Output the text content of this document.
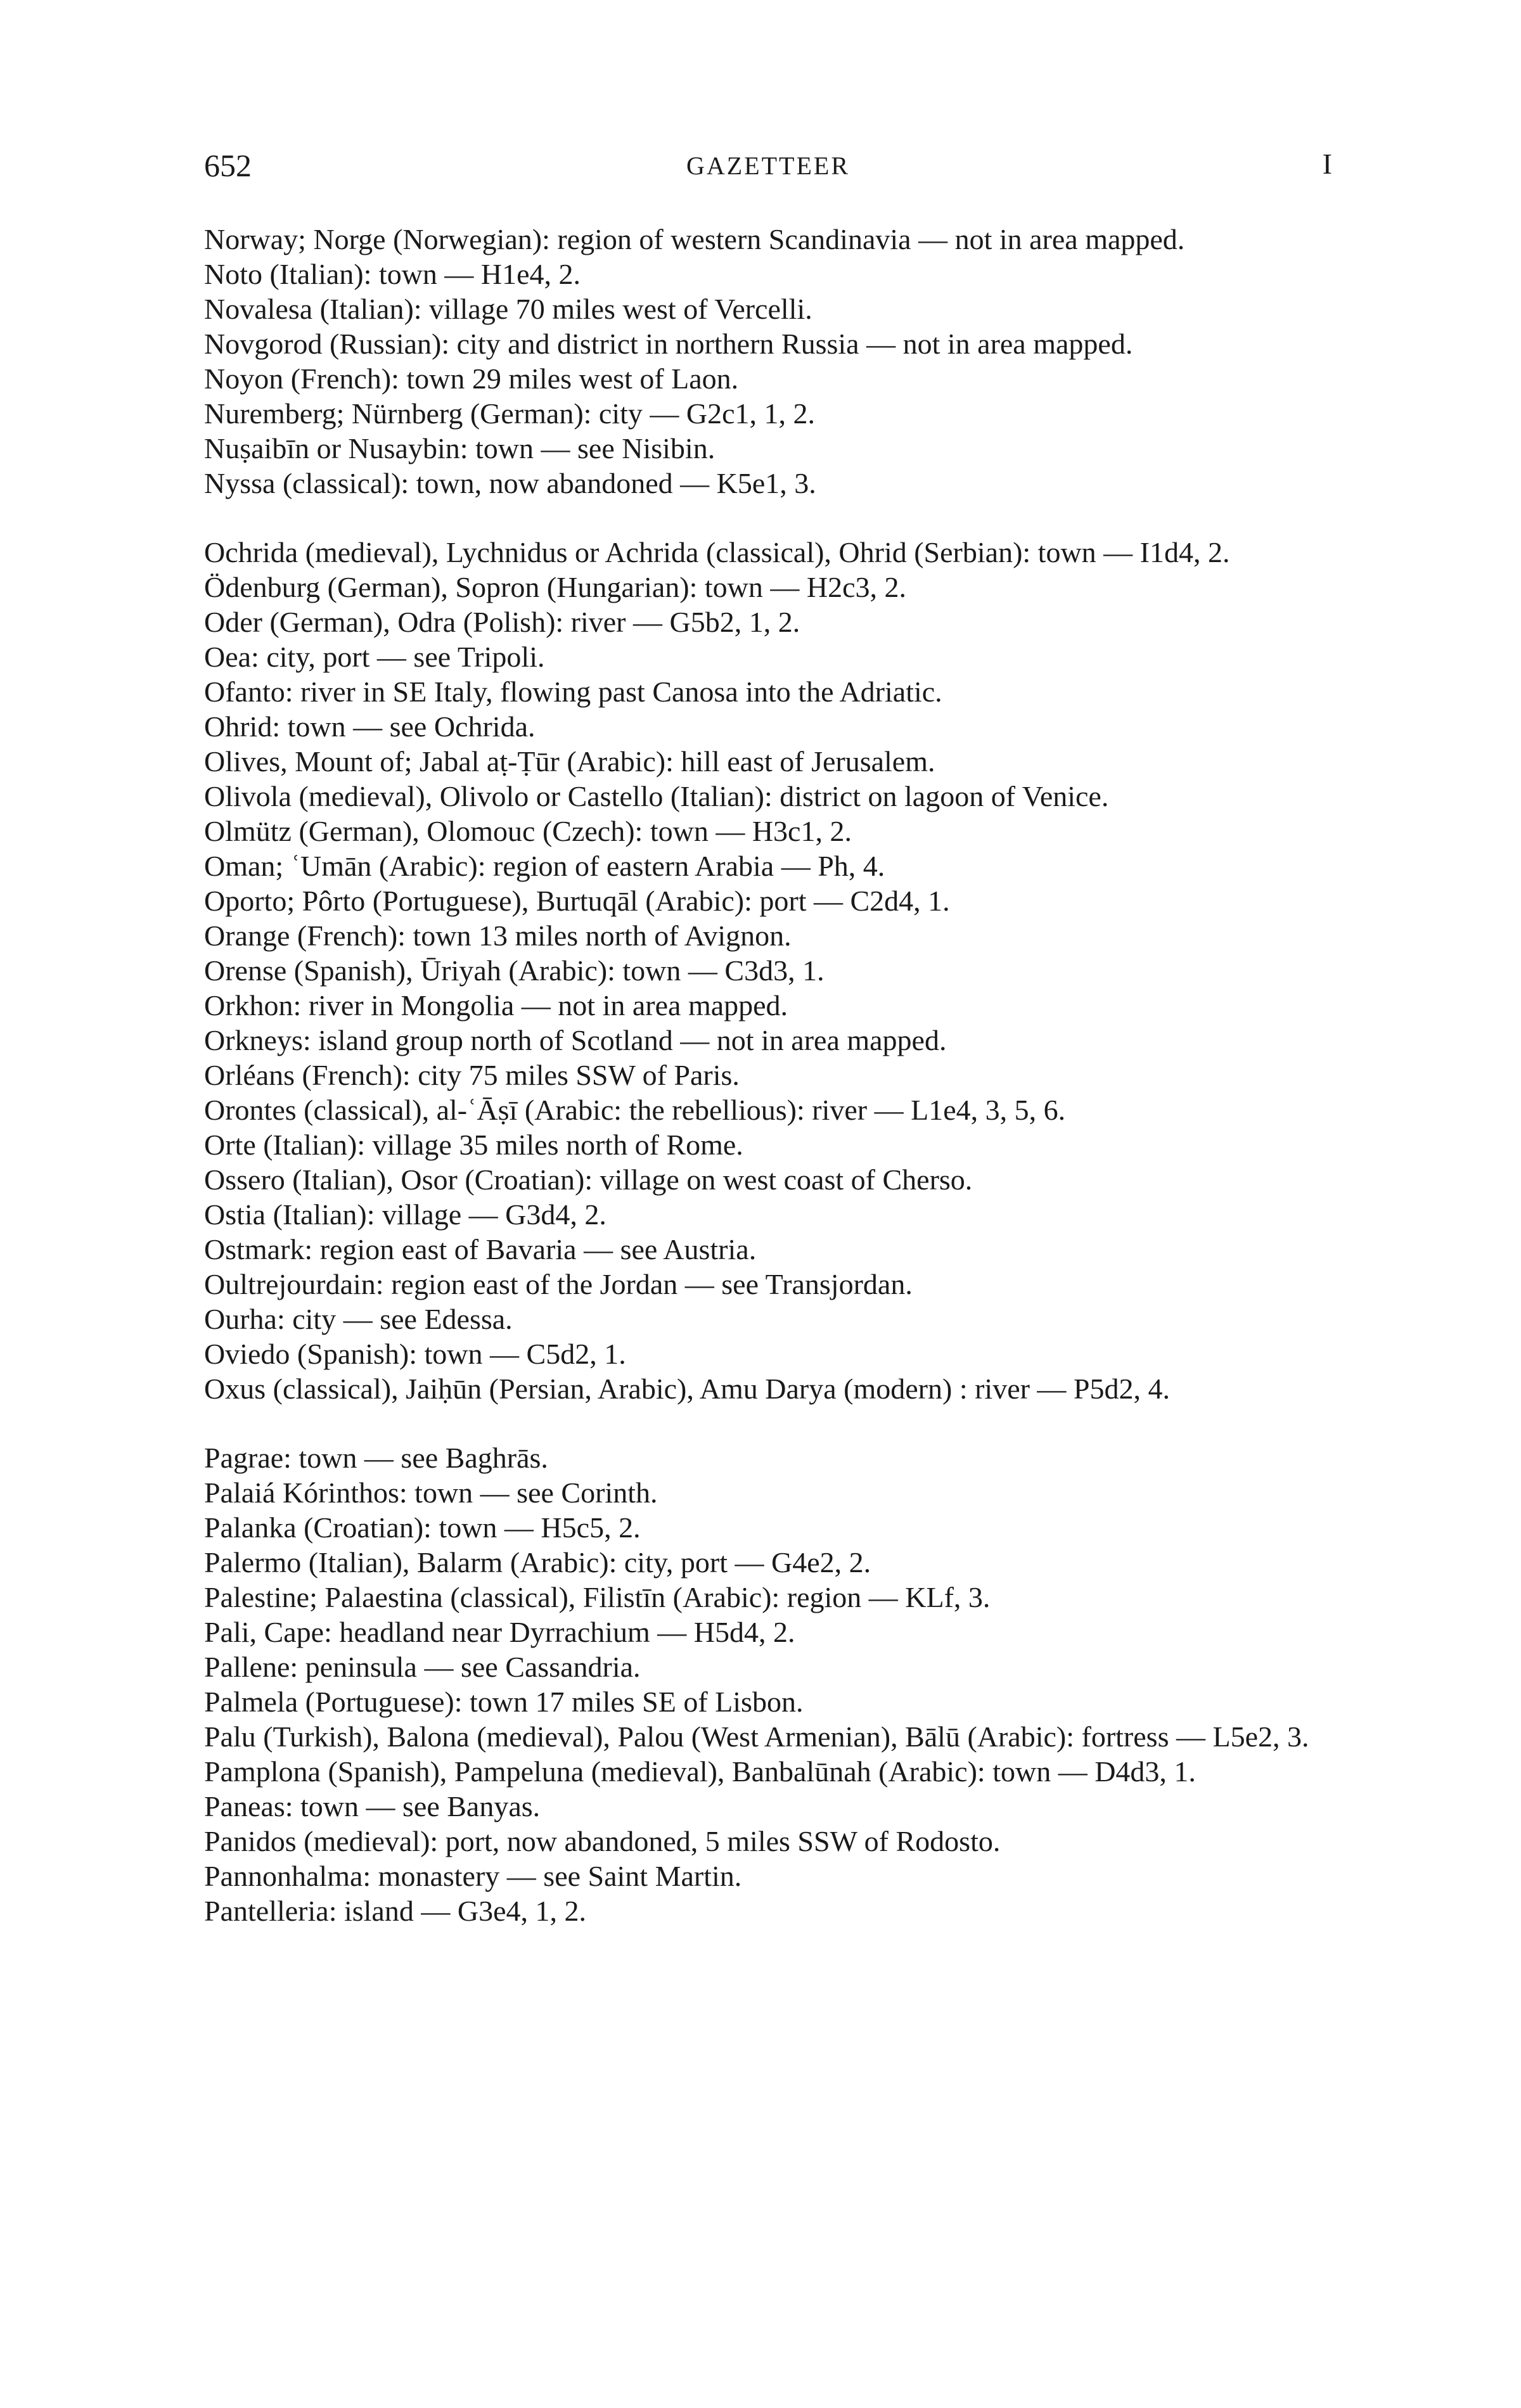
652	GAZETTEER	I

Norway; Norge (Norwegian): region of western Scandinavia — not in area mapped.

Noto (Italian): town — H1e4, 2.

Novalesa (Italian): village 70 miles west of Vercelli.

Novgorod (Russian): city and district in northern Russia — not in area mapped.

Noyon (French): town 29 miles west of Laon.

Nuremberg; Nürnberg (German): city — G2c1, 1, 2.

Nuṣaibīn or Nusaybin: town — see Nisibin.

Nyssa (classical): town, now abandoned — K5e1, 3.

Ochrida (medieval), Lychnidus or Achrida (classical), Ohrid (Serbian): town — I1d4, 2.

Ödenburg (German), Sopron (Hungarian): town — H2c3, 2.

Oder (German), Odra (Polish): river — G5b2, 1, 2.

Oea: city, port — see Tripoli.

Ofanto: river in SE Italy, flowing past Canosa into the Adriatic.

Ohrid: town — see Ochrida.

Olives, Mount of; Jabal aṭ-Ṭūr (Arabic): hill east of Jerusalem.

Olivola (medieval), Olivolo or Castello (Italian): district on lagoon of Venice.

Olmütz (German), Olomouc (Czech): town — H3c1, 2.

Oman; ʿUmān (Arabic): region of eastern Arabia — Ph, 4.

Oporto; Pôrto (Portuguese), Burtuqāl (Arabic): port — C2d4, 1.

Orange (French): town 13 miles north of Avignon.

Orense (Spanish), Ūriyah (Arabic): town — C3d3, 1.

Orkhon: river in Mongolia — not in area mapped.

Orkneys: island group north of Scotland — not in area mapped.

Orléans (French): city 75 miles SSW of Paris.

Orontes (classical), al-ʿĀṣī (Arabic: the rebellious): river — L1e4, 3, 5, 6.

Orte (Italian): village 35 miles north of Rome.

Ossero (Italian), Osor (Croatian): village on west coast of Cherso.

Ostia (Italian): village — G3d4, 2.

Ostmark: region east of Bavaria — see Austria.

Oultrejourdain: region east of the Jordan — see Transjordan.

Ourha: city — see Edessa.

Oviedo (Spanish): town — C5d2, 1.

Oxus (classical), Jaiḥūn (Persian, Arabic), Amu Darya (modern) : river — P5d2, 4.

Pagrae: town — see Baghrās.

Palaiá Kórinthos: town — see Corinth.

Palanka (Croatian): town — H5c5, 2.

Palermo (Italian), Balarm (Arabic): city, port — G4e2, 2.

Palestine; Palaestina (classical), Filistīn (Arabic): region — KLf, 3.

Pali, Cape: headland near Dyrrachium — H5d4, 2.

Pallene: peninsula — see Cassandria.

Palmela (Portuguese): town 17 miles SE of Lisbon.

Palu (Turkish), Balona (medieval), Palou (West Armenian), Bālū (Arabic): fortress — L5e2, 3.

Pamplona (Spanish), Pampeluna (medieval), Banbalūnah (Arabic): town — D4d3, 1.

Paneas: town — see Banyas.

Panidos (medieval): port, now abandoned, 5 miles SSW of Rodosto.

Pannonhalma: monastery — see Saint Martin.

Pantelleria: island — G3e4, 1, 2.
